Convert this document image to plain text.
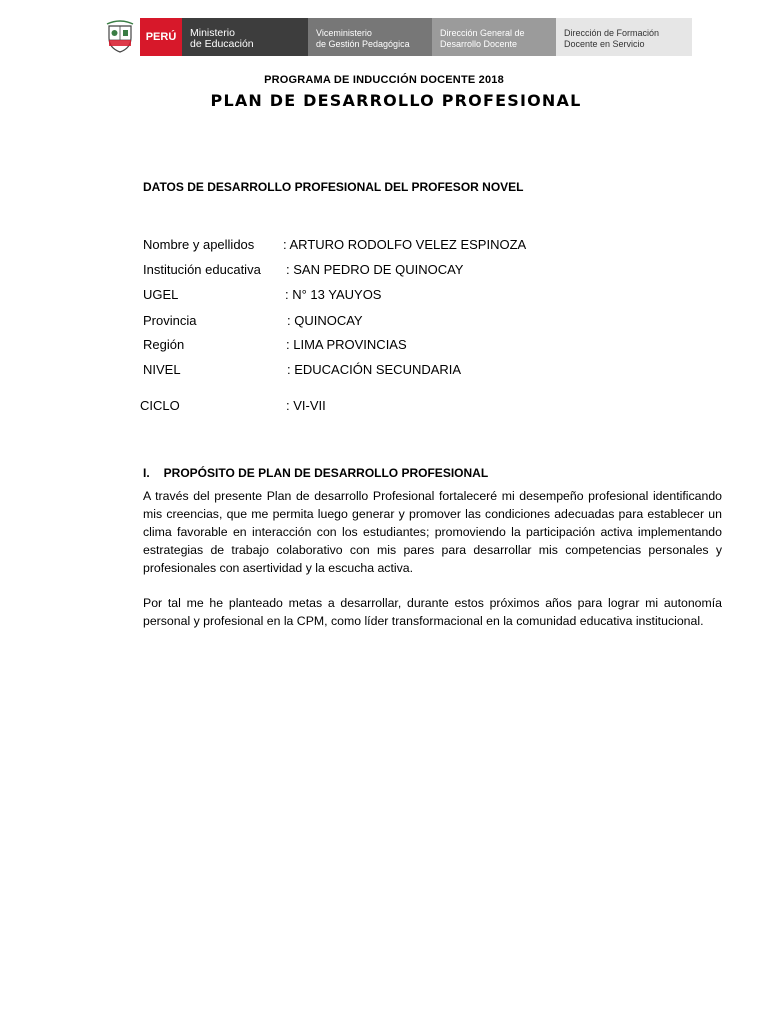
PERÚ Ministerio
de Educación
Viceministerio
de Gestión Pedagógica
Dirección General de
Desarrollo Docente
Dirección de Formación
Docente en Servicio
PROGRAMA DE INDUCCIÓN DOCENTE 2018
PLAN DE DESARROLLO PROFESIONAL
DATOS DE DESARROLLO PROFESIONAL DEL PROFESOR NOVEL
Nombre y apellidos : ARTURO RODOLFO VELEZ ESPINOZA
Institución educativa : SAN PEDRO DE QUINOCAY
UGEL	: N° 13 YAUYOS
Provincia	: QUINOCAY
Región	: LIMA PROVINCIAS
NIVEL	: EDUCACIÓN SECUNDARIA
CICLO	: VI-VII
I. PROPÓSITO DE PLAN DE DESARROLLO PROFESIONAL
A través del presente Plan de desarrollo Profesional fortaleceré mi desempeño profesional identificando mis creencias, que me permita luego generar y promover las condiciones adecuadas para establecer un clima favorable en interacción con los estudiantes; promoviendo la participación activa implementando estrategias de trabajo colaborativo con mis pares para desarrollar mis competencias personales y profesionales con asertividad y la escucha activa.
Por tal me he planteado metas a desarrollar, durante estos próximos años para lograr mi autonomía personal y profesional en la CPM, como líder transformacional en la comunidad educativa institucional.
